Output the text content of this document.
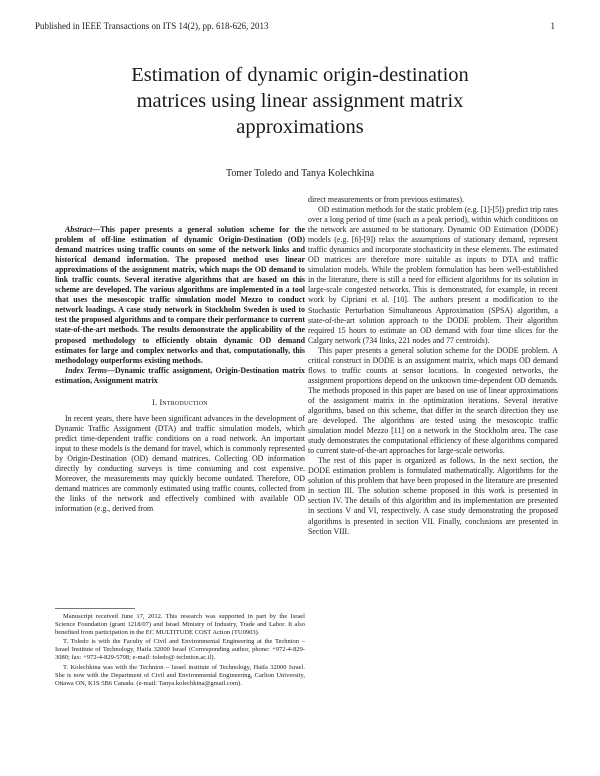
Published in IEEE Transactions on ITS 14(2), pp. 618-626, 2013	1
Estimation of dynamic origin-destination
matrices using linear assignment matrix
approximations
Tomer Toledo and Tanya Kolechkina

Abstract—This paper presents a general solution scheme for the problem of off-line estimation of dynamic Origin-Destination (OD) demand matrices using traffic counts on some of the network links and historical demand information. The proposed method uses linear approximations of the assignment matrix, which maps the OD demand to link traffic counts. Several iterative algorithms that are based on this scheme are developed. The various algorithms are implemented in a tool that uses the mesoscopic traffic simulation model Mezzo to conduct network loadings. A case study network in Stockholm Sweden is used to test the proposed algorithms and to compare their performance to current state-of-the-art methods. The results demonstrate the applicability of the proposed methodology to efficiently obtain dynamic OD demand estimates for large and complex networks and that, computationally, this methodology outperforms existing methods.

Index Terms—Dynamic traffic assignment, Origin-Destination matrix estimation, Assignment matrix

I. Introduction

In recent years, there have been significant advances in the development of Dynamic Traffic Assignment (DTA) and traffic simulation models, which predict time-dependent traffic conditions on a road network. An important input to these models is the demand for travel, which is commonly represented by Origin-Destination (OD) demand matrices. Collecting OD information directly by conducting surveys is time consuming and cost expensive. Moreover, the measurements may quickly become outdated. Therefore, OD demand matrices are commonly estimated using traffic counts, collected from the links of the network and effectively combined with available OD information (e.g., derived from

Manuscript received June 17, 2012. This research was supported in part by the Israel Science Foundation (grant 1218/07) and Israel Ministry of Industry, Trade and Labor. It also benefited from participation in the EC MULTITUDE COST Action (TU0903).

T. Toledo is with the Faculty of Civil and Environmental Engineering at the Technion – Israel Institute of Technology, Haifa 32000 Israel (Corresponding author, phone: +972-4-829-3080; fax: +972-4-829-5708; e-mail: toledo@ technion.ac.il).

T. Kolechkina was with the Technion – Israel institute of Technology, Haifa 32000 Israel. She is now with the Department of Civil and Environmental Engineering, Carlton University, Ottawa ON, K1S 5B6 Canada. (e-mail: Tanya.kolechkina@gmail.com).

direct measurements or from previous estimates).

OD estimation methods for the static problem (e.g. [1]-[5]) predict trip rates over a long period of time (such as a peak period), within which conditions on the network are assumed to be stationary. Dynamic OD Estimation (DODE) models (e.g. [6]-[9]) relax the assumptions of stationary demand, represent traffic dynamics and incorporate stochasticity in these elements. The estimated OD matrices are therefore more suitable as inputs to DTA and traffic simulation models. While the problem formulation has been well-established in the literature, there is still a need for efficient algorithms for its solution in large-scale congested networks. This is demonstrated, for example, in recent work by Cipriani et al. [10]. The authors present a modification to the Stochastic Perturbation Simultaneous Approximation (SPSA) algorithm, a state-of-the-art solution approach to the DODE problem. Their algorithm required 15 hours to estimate an OD demand with four time slices for the Calgary network (734 links, 221 nodes and 77 centroids).

This paper presents a general solution scheme for the DODE problem. A critical construct in DODE is an assignment matrix, which maps OD demand flows to traffic counts at sensor locations. In congested networks, the assignment proportions depend on the unknown time-dependent OD demands. The methods proposed in this paper are based on use of linear approximations of the assignment matrix in the optimization iterations. Several iterative algorithms, based on this scheme, that differ in the search direction they use are developed. The algorithms are tested using the mesoscopic traffic simulation model Mezzo [11] on a network in the Stockholm area. The case study demonstrates the computational efficiency of these algorithms compared to current state-of-the-art approaches for large-scale networks.

The rest of this paper is organized as follows. In the next section, the DODE estimation problem is formulated mathematically. Algorithms for the solution of this problem that have been proposed in the literature are presented in section III. The solution scheme proposed in this work is presented in section IV. The details of this algorithm and its implementation are presented in sections V and VI, respectively. A case study demonstrating the proposed algorithms is presented in section VII. Finally, conclusions are presented in Section VIII.
